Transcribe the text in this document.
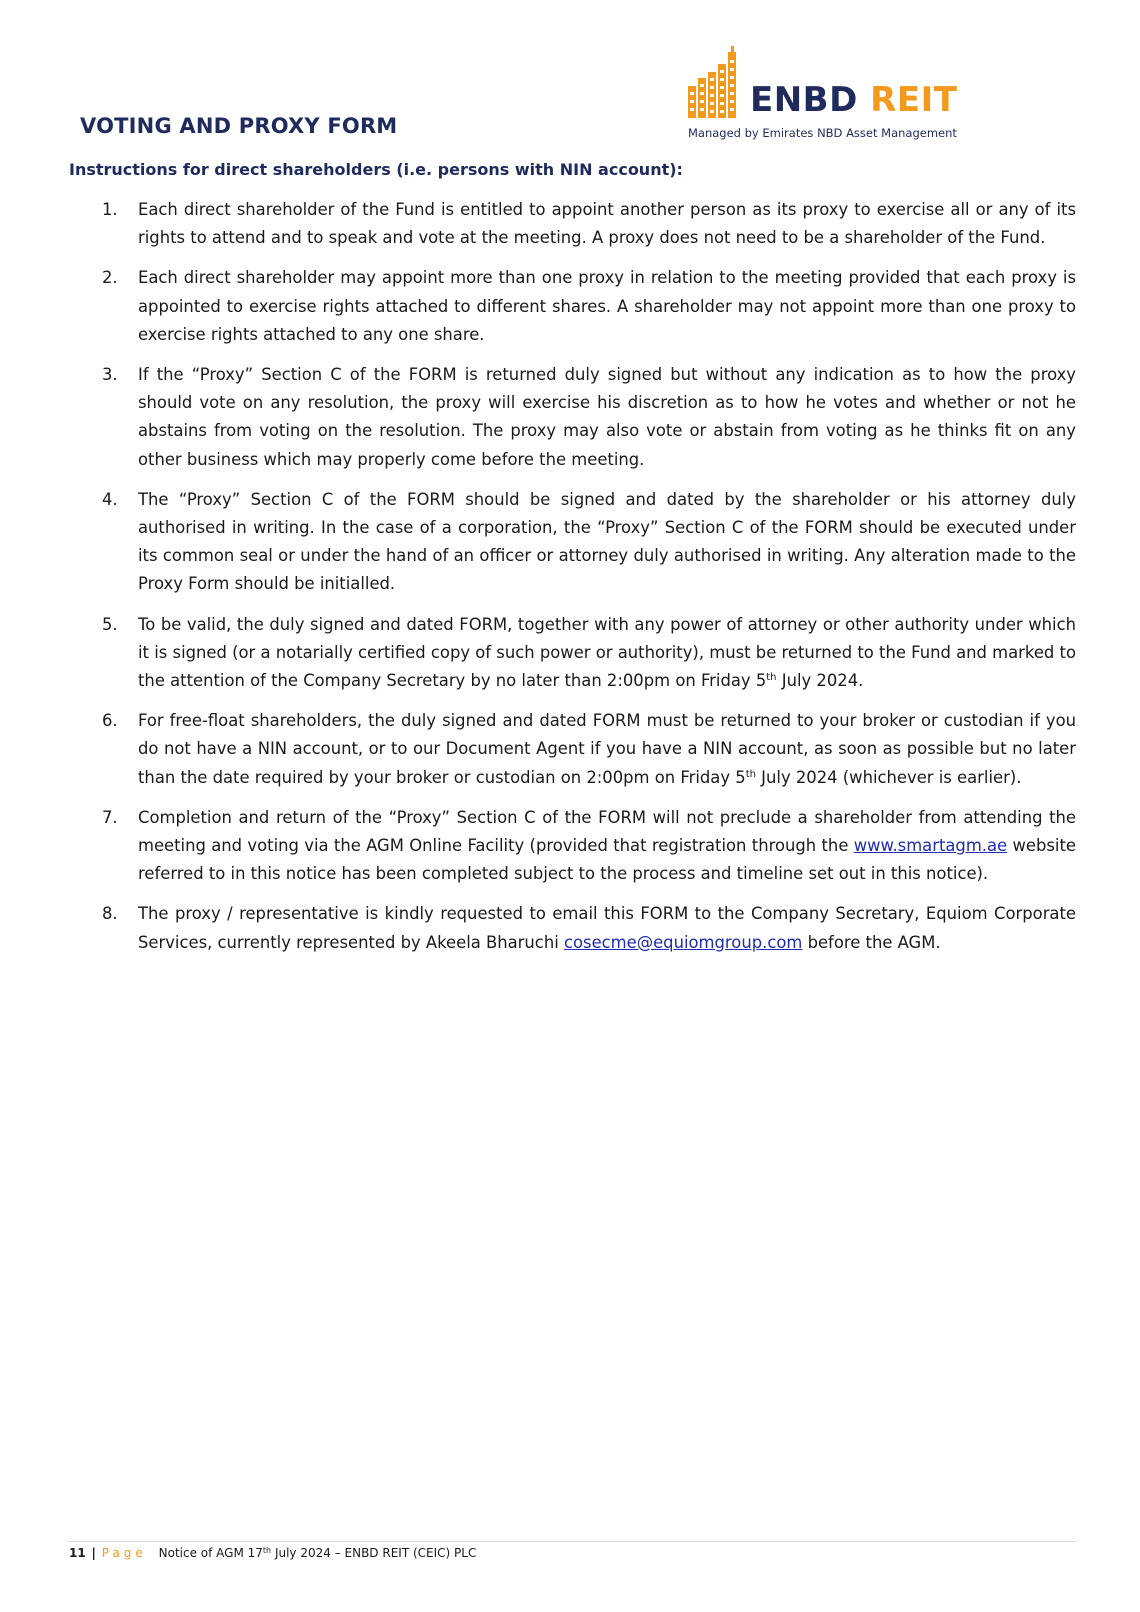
ENBD REIT
Managed by Emirates NBD Asset Management
VOTING AND PROXY FORM

Instructions for direct shareholders (i.e. persons with NIN account):

1. Each direct shareholder of the Fund is entitled to appoint another person as its proxy to exercise all or any of its rights to attend and to speak and vote at the meeting. A proxy does not need to be a shareholder of the Fund.
2. Each direct shareholder may appoint more than one proxy in relation to the meeting provided that each proxy is appointed to exercise rights attached to different shares. A shareholder may not appoint more than one proxy to exercise rights attached to any one share.
3. If the “Proxy” Section C of the FORM is returned duly signed but without any indication as to how the proxy should vote on any resolution, the proxy will exercise his discretion as to how he votes and whether or not he abstains from voting on the resolution. The proxy may also vote or abstain from voting as he thinks fit on any other business which may properly come before the meeting.
4. The “Proxy” Section C of the FORM should be signed and dated by the shareholder or his attorney duly authorised in writing. In the case of a corporation, the “Proxy” Section C of the FORM should be executed under its common seal or under the hand of an officer or attorney duly authorised in writing. Any alteration made to the Proxy Form should be initialled.
5. To be valid, the duly signed and dated FORM, together with any power of attorney or other authority under which it is signed (or a notarially certified copy of such power or authority), must be returned to the Fund and marked to the attention of the Company Secretary by no later than 2:00pm on Friday 5th July 2024.
6. For free-float shareholders, the duly signed and dated FORM must be returned to your broker or custodian if you do not have a NIN account, or to our Document Agent if you have a NIN account, as soon as possible but no later than the date required by your broker or custodian on 2:00pm on Friday 5th July 2024 (whichever is earlier).
7. Completion and return of the “Proxy” Section C of the FORM will not preclude a shareholder from attending the meeting and voting via the AGM Online Facility (provided that registration through the www.smartagm.ae website referred to in this notice has been completed subject to the process and timeline set out in this notice).
8. The proxy / representative is kindly requested to email this FORM to the Company Secretary, Equiom Corporate Services, currently represented by Akeela Bharuchi cosecme@equiomgroup.com before the AGM.
11 | Page Notice of AGM 17th July 2024 – ENBD REIT (CEIC) PLC
